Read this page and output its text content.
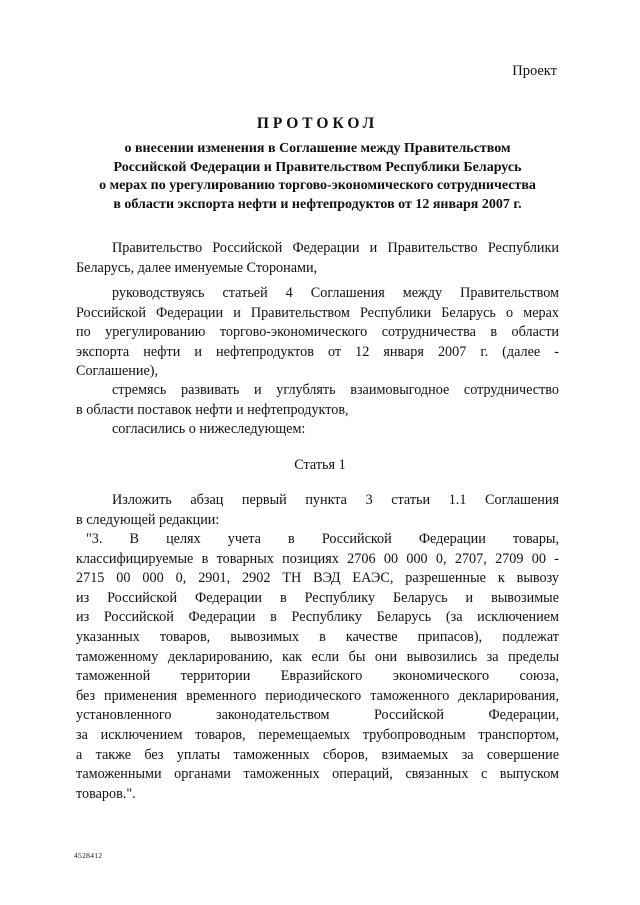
Проект
ПРОТОКОЛ
о внесении изменения в Соглашение между Правительством
Российской Федерации и Правительством Республики Беларусь
о мерах по урегулированию торгово-экономического сотрудничества
в области экспорта нефти и нефтепродуктов от 12 января 2007 г.
Правительство Российской Федерации и Правительство Республики
Беларусь, далее именуемые Сторонами,
руководствуясь статьей 4 Соглашения между Правительством
Российской Федерации и Правительством Республики Беларусь о мерах
по урегулированию торгово-экономического сотрудничества в области
экспорта нефти и нефтепродуктов от 12 января 2007 г. (далее -
Соглашение),
стремясь развивать и углублять взаимовыгодное сотрудничество
в области поставок нефти и нефтепродуктов,
согласились о нижеследующем:
Статья 1
Изложить абзац первый пункта 3 статьи 1.1 Соглашения
в следующей редакции:
"3. В целях учета в Российской Федерации товары,
классифицируемые в товарных позициях 2706 00 000 0, 2707, 2709 00 -
2715 00 000 0, 2901, 2902 ТН ВЭД ЕАЭС, разрешенные к вывозу
из Российской Федерации в Республику Беларусь и вывозимые
из Российской Федерации в Республику Беларусь (за исключением
указанных товаров, вывозимых в качестве припасов), подлежат
таможенному декларированию, как если бы они вывозились за пределы
таможенной территории Евразийского экономического союза,
без применения временного периодического таможенного декларирования,
установленного законодательством Российской Федерации,
за исключением товаров, перемещаемых трубопроводным транспортом,
а также без уплаты таможенных сборов, взимаемых за совершение
таможенными органами таможенных операций, связанных с выпуском
товаров.".
4528412
